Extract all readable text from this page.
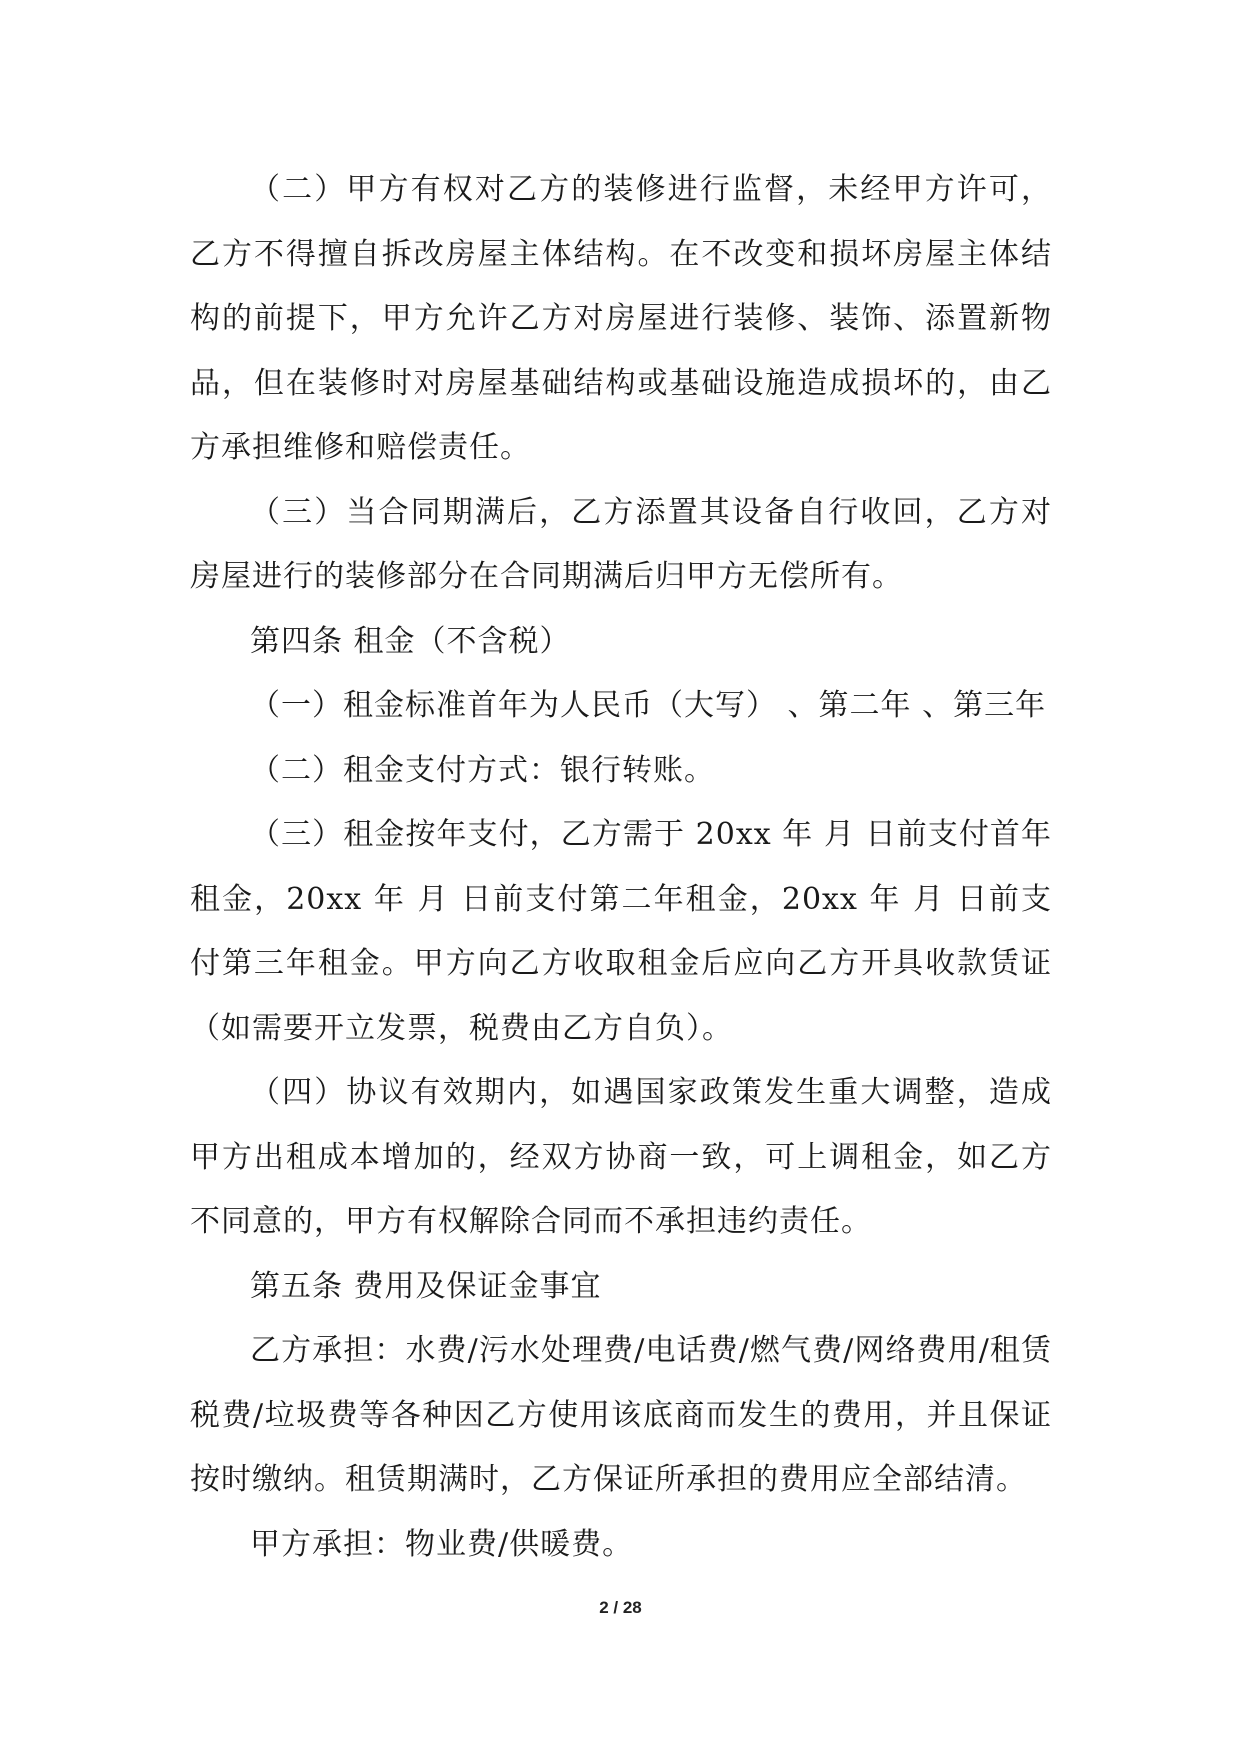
（二）甲方有权对乙方的装修进行监督，未经甲方许可，乙方不得擅自拆改房屋主体结构。在不改变和损坏房屋主体结构的前提下，甲方允许乙方对房屋进行装修、装饰、添置新物品，但在装修时对房屋基础结构或基础设施造成损坏的，由乙方承担维修和赔偿责任。

（三）当合同期满后，乙方添置其设备自行收回，乙方对房屋进行的装修部分在合同期满后归甲方无偿所有。

第四条 租金（不含税）

（一）租金标准首年为人民币（大写） 、第二年 、第三年

（二）租金支付方式：银行转账。

（三）租金按年支付，乙方需于 20xx 年 月 日前支付首年租金，20xx 年 月 日前支付第二年租金，20xx 年 月 日前支付第三年租金。甲方向乙方收取租金后应向乙方开具收款赁证（如需要开立发票，税费由乙方自负）。

（四）协议有效期内，如遇国家政策发生重大调整，造成甲方出租成本增加的，经双方协商一致，可上调租金，如乙方不同意的，甲方有权解除合同而不承担违约责任。

第五条 费用及保证金事宜

乙方承担：水费/污水处理费/电话费/燃气费/网络费用/租赁税费/垃圾费等各种因乙方使用该底商而发生的费用，并且保证按时缴纳。租赁期满时，乙方保证所承担的费用应全部结清。

甲方承担：物业费/供暖费。

2 / 28
